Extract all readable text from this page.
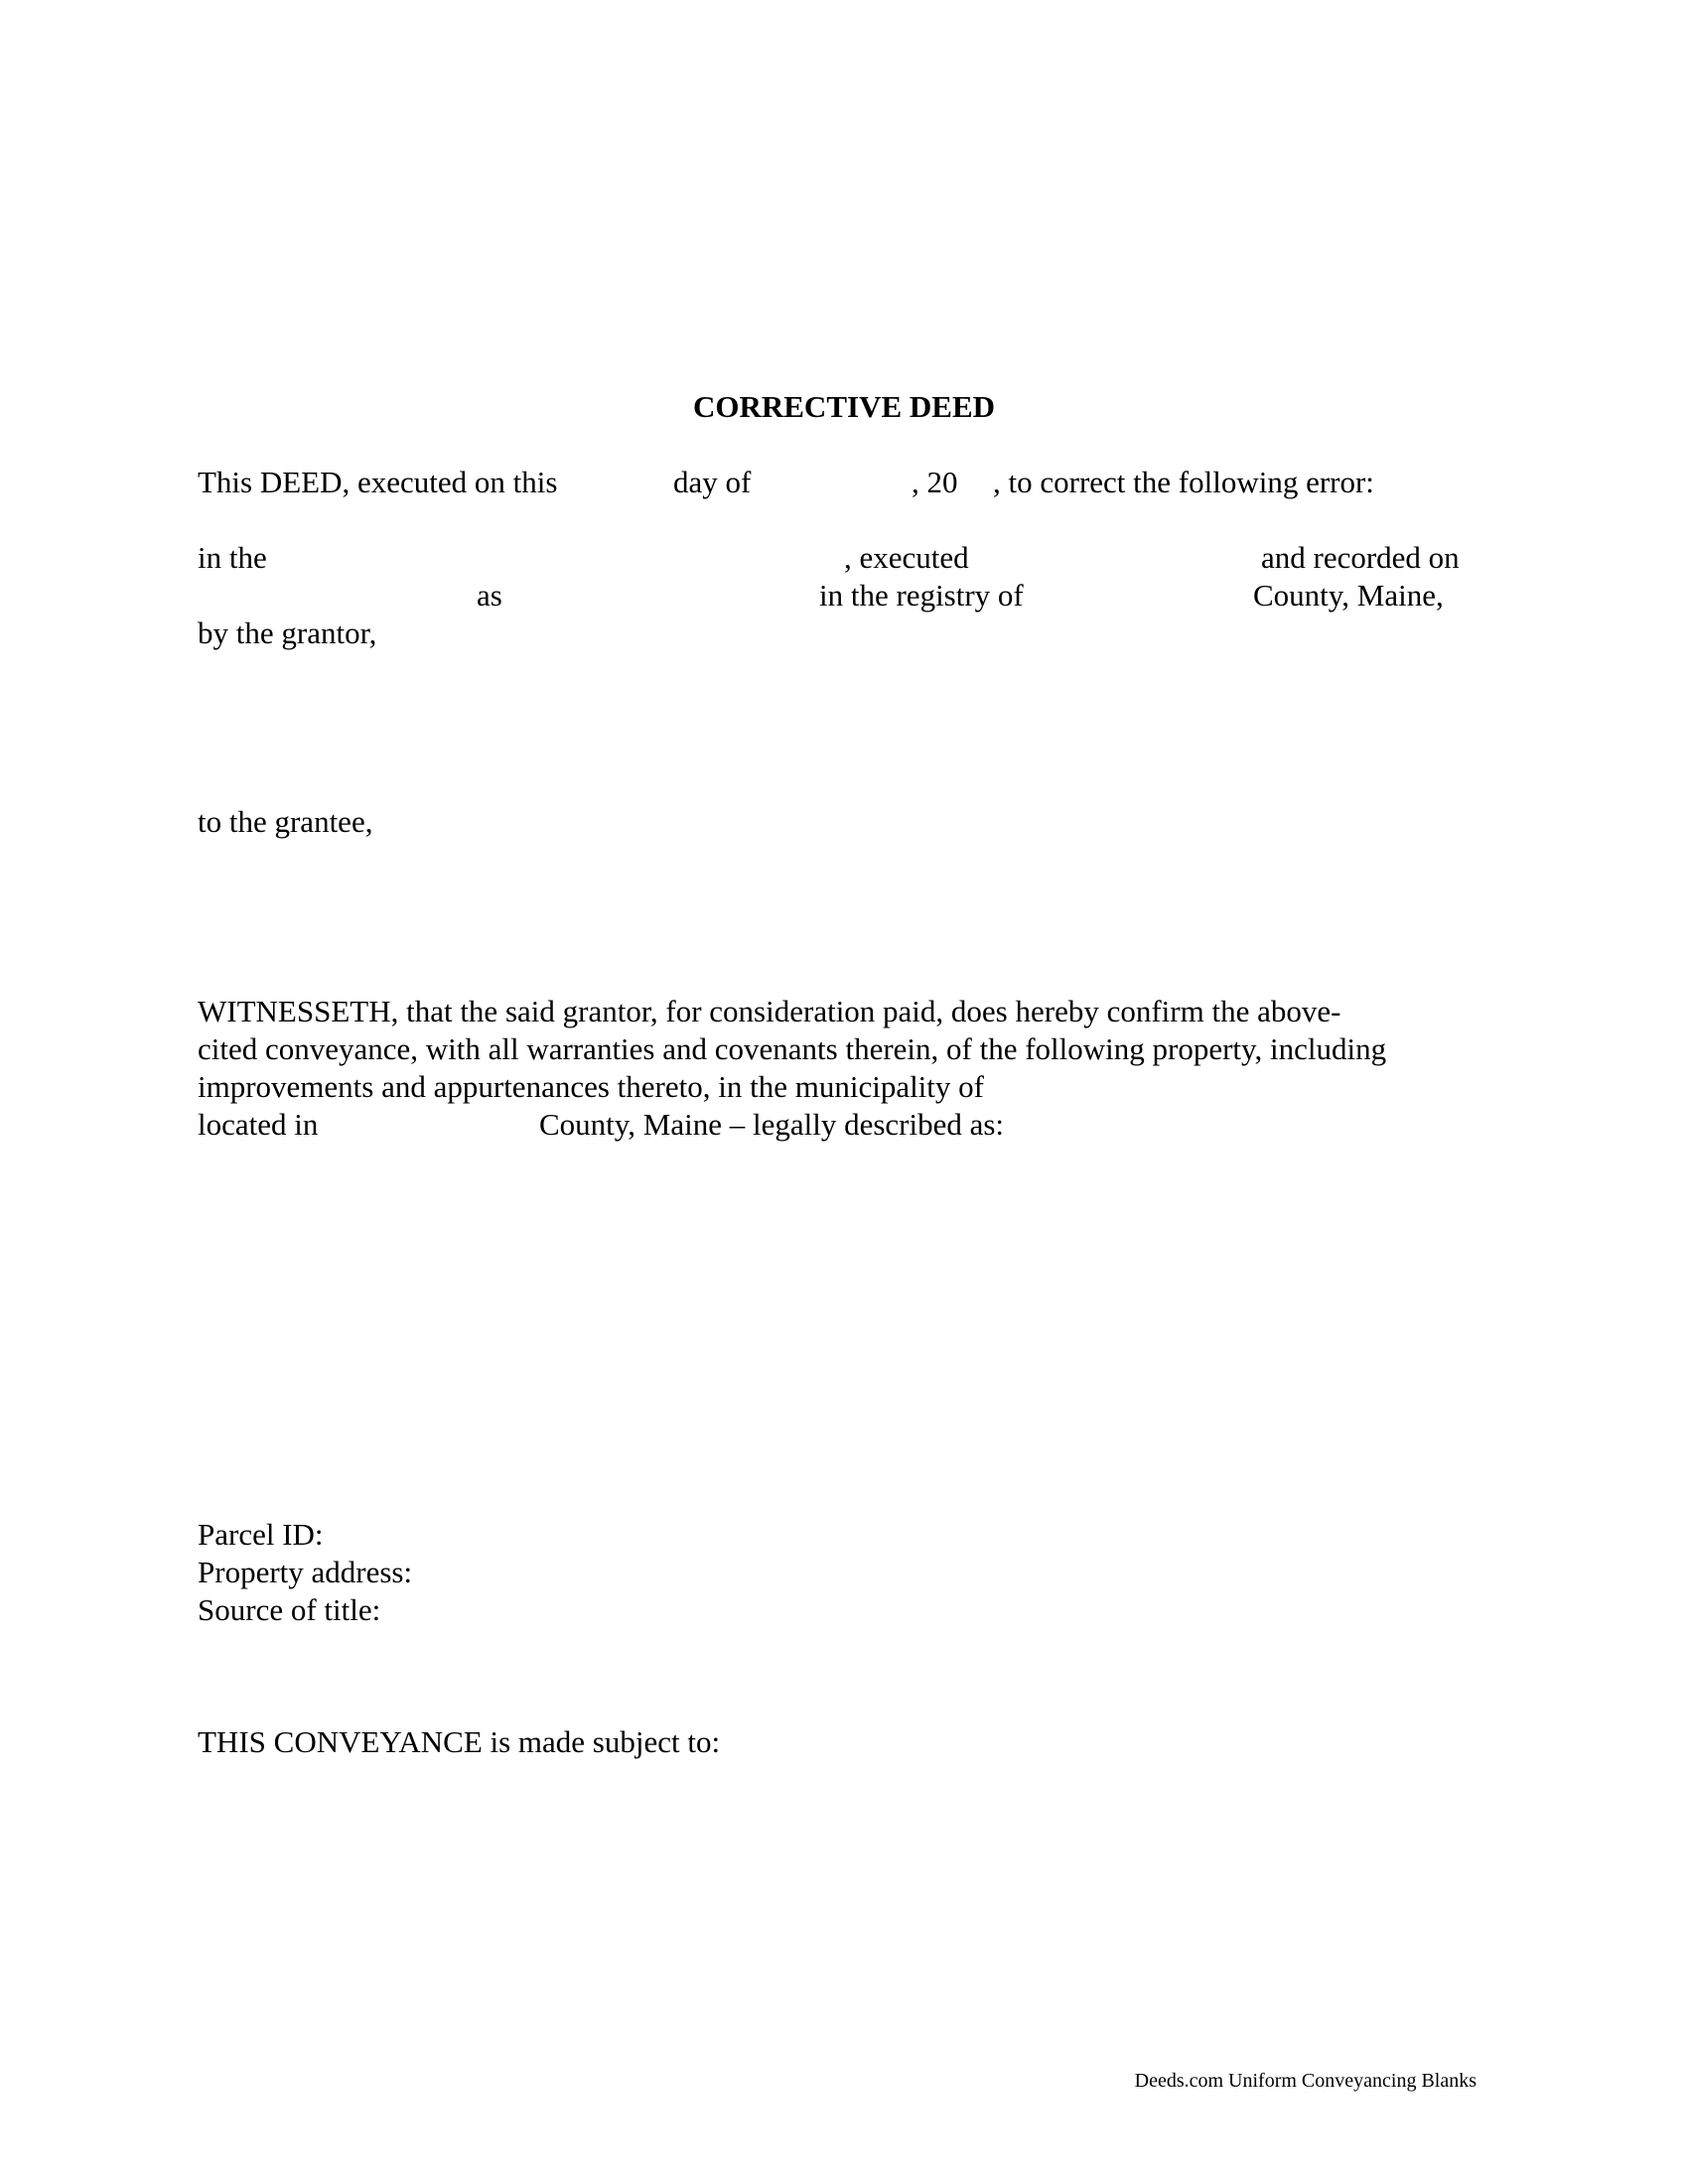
CORRECTIVE DEED
This DEED, executed on this	day of	, 20 , to correct the following error:
in the	, executed	and recorded on
as	in the registry of	County, Maine,
by the grantor,
to the grantee,
WITNESSETH, that the said grantor, for consideration paid, does hereby confirm the above-
cited conveyance, with all warranties and covenants therein, of the following property, including
improvements and appurtenances thereto, in the municipality of
located in	County, Maine – legally described as:
Parcel ID:
Property address:
Source of title:
THIS CONVEYANCE is made subject to:
Deeds.com Uniform Conveyancing Blanks
